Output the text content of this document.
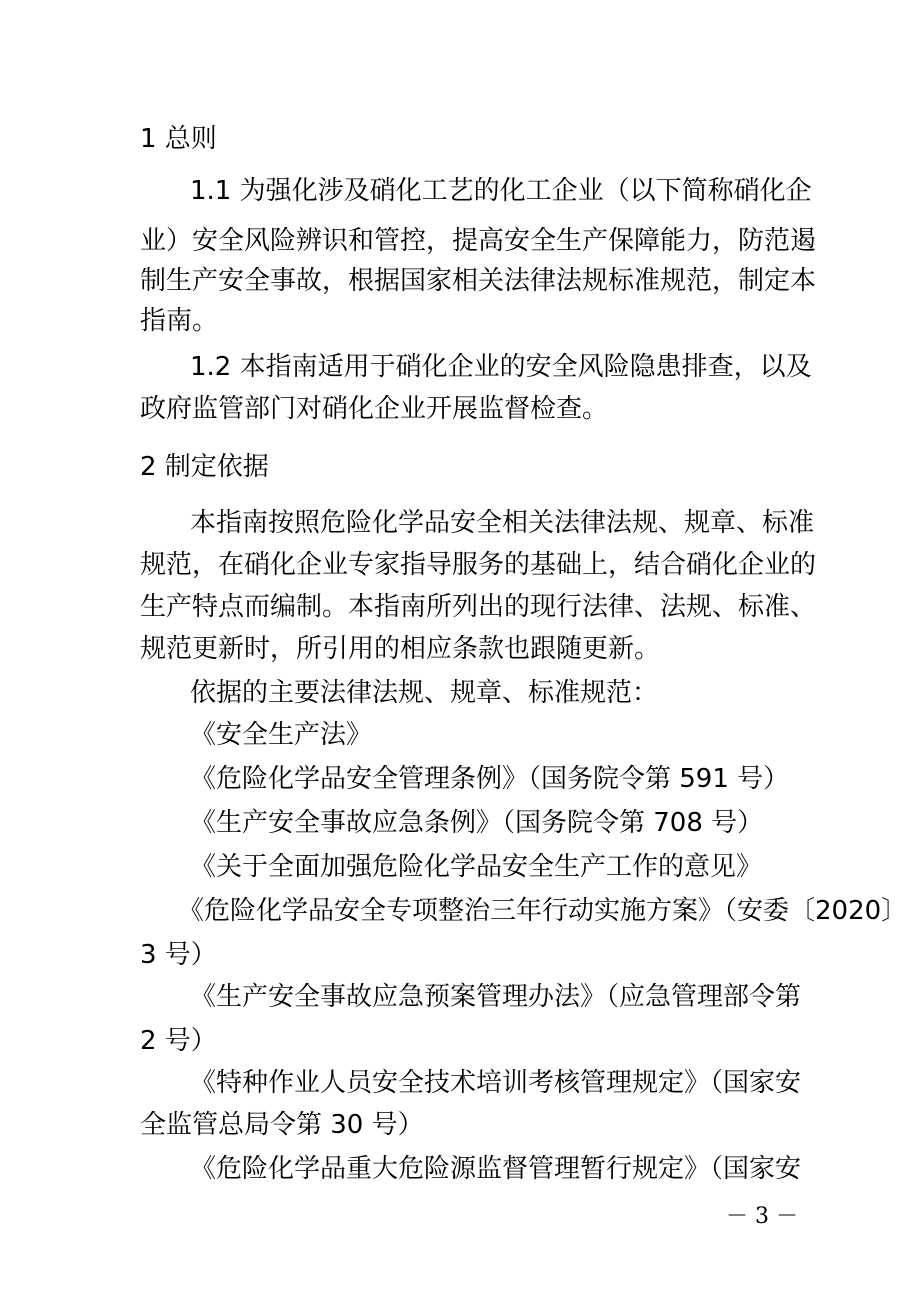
1 总则
1.1 为强化涉及硝化工艺的化工企业（以下简称硝化企
业）安全风险辨识和管控，提高安全生产保障能力，防范遏
制生产安全事故，根据国家相关法律法规标准规范，制定本
指南。
1.2 本指南适用于硝化企业的安全风险隐患排查，以及
政府监管部门对硝化企业开展监督检查。
2 制定依据
本指南按照危险化学品安全相关法律法规、规章、标准
规范，在硝化企业专家指导服务的基础上，结合硝化企业的
生产特点而编制。本指南所列出的现行法律、法规、标准、
规范更新时，所引用的相应条款也跟随更新。
依据的主要法律法规、规章、标准规范：
《安全生产法》
《危险化学品安全管理条例》（国务院令第 591 号）
《生产安全事故应急条例》（国务院令第 708 号）
《关于全面加强危险化学品安全生产工作的意见》
《危险化学品安全专项整治三年行动实施方案》（安委〔2020〕
3 号）
《生产安全事故应急预案管理办法》（应急管理部令第
2 号）
《特种作业人员安全技术培训考核管理规定》（国家安
全监管总局令第 30 号）
《危险化学品重大危险源监督管理暂行规定》（国家安
－ 3 －
